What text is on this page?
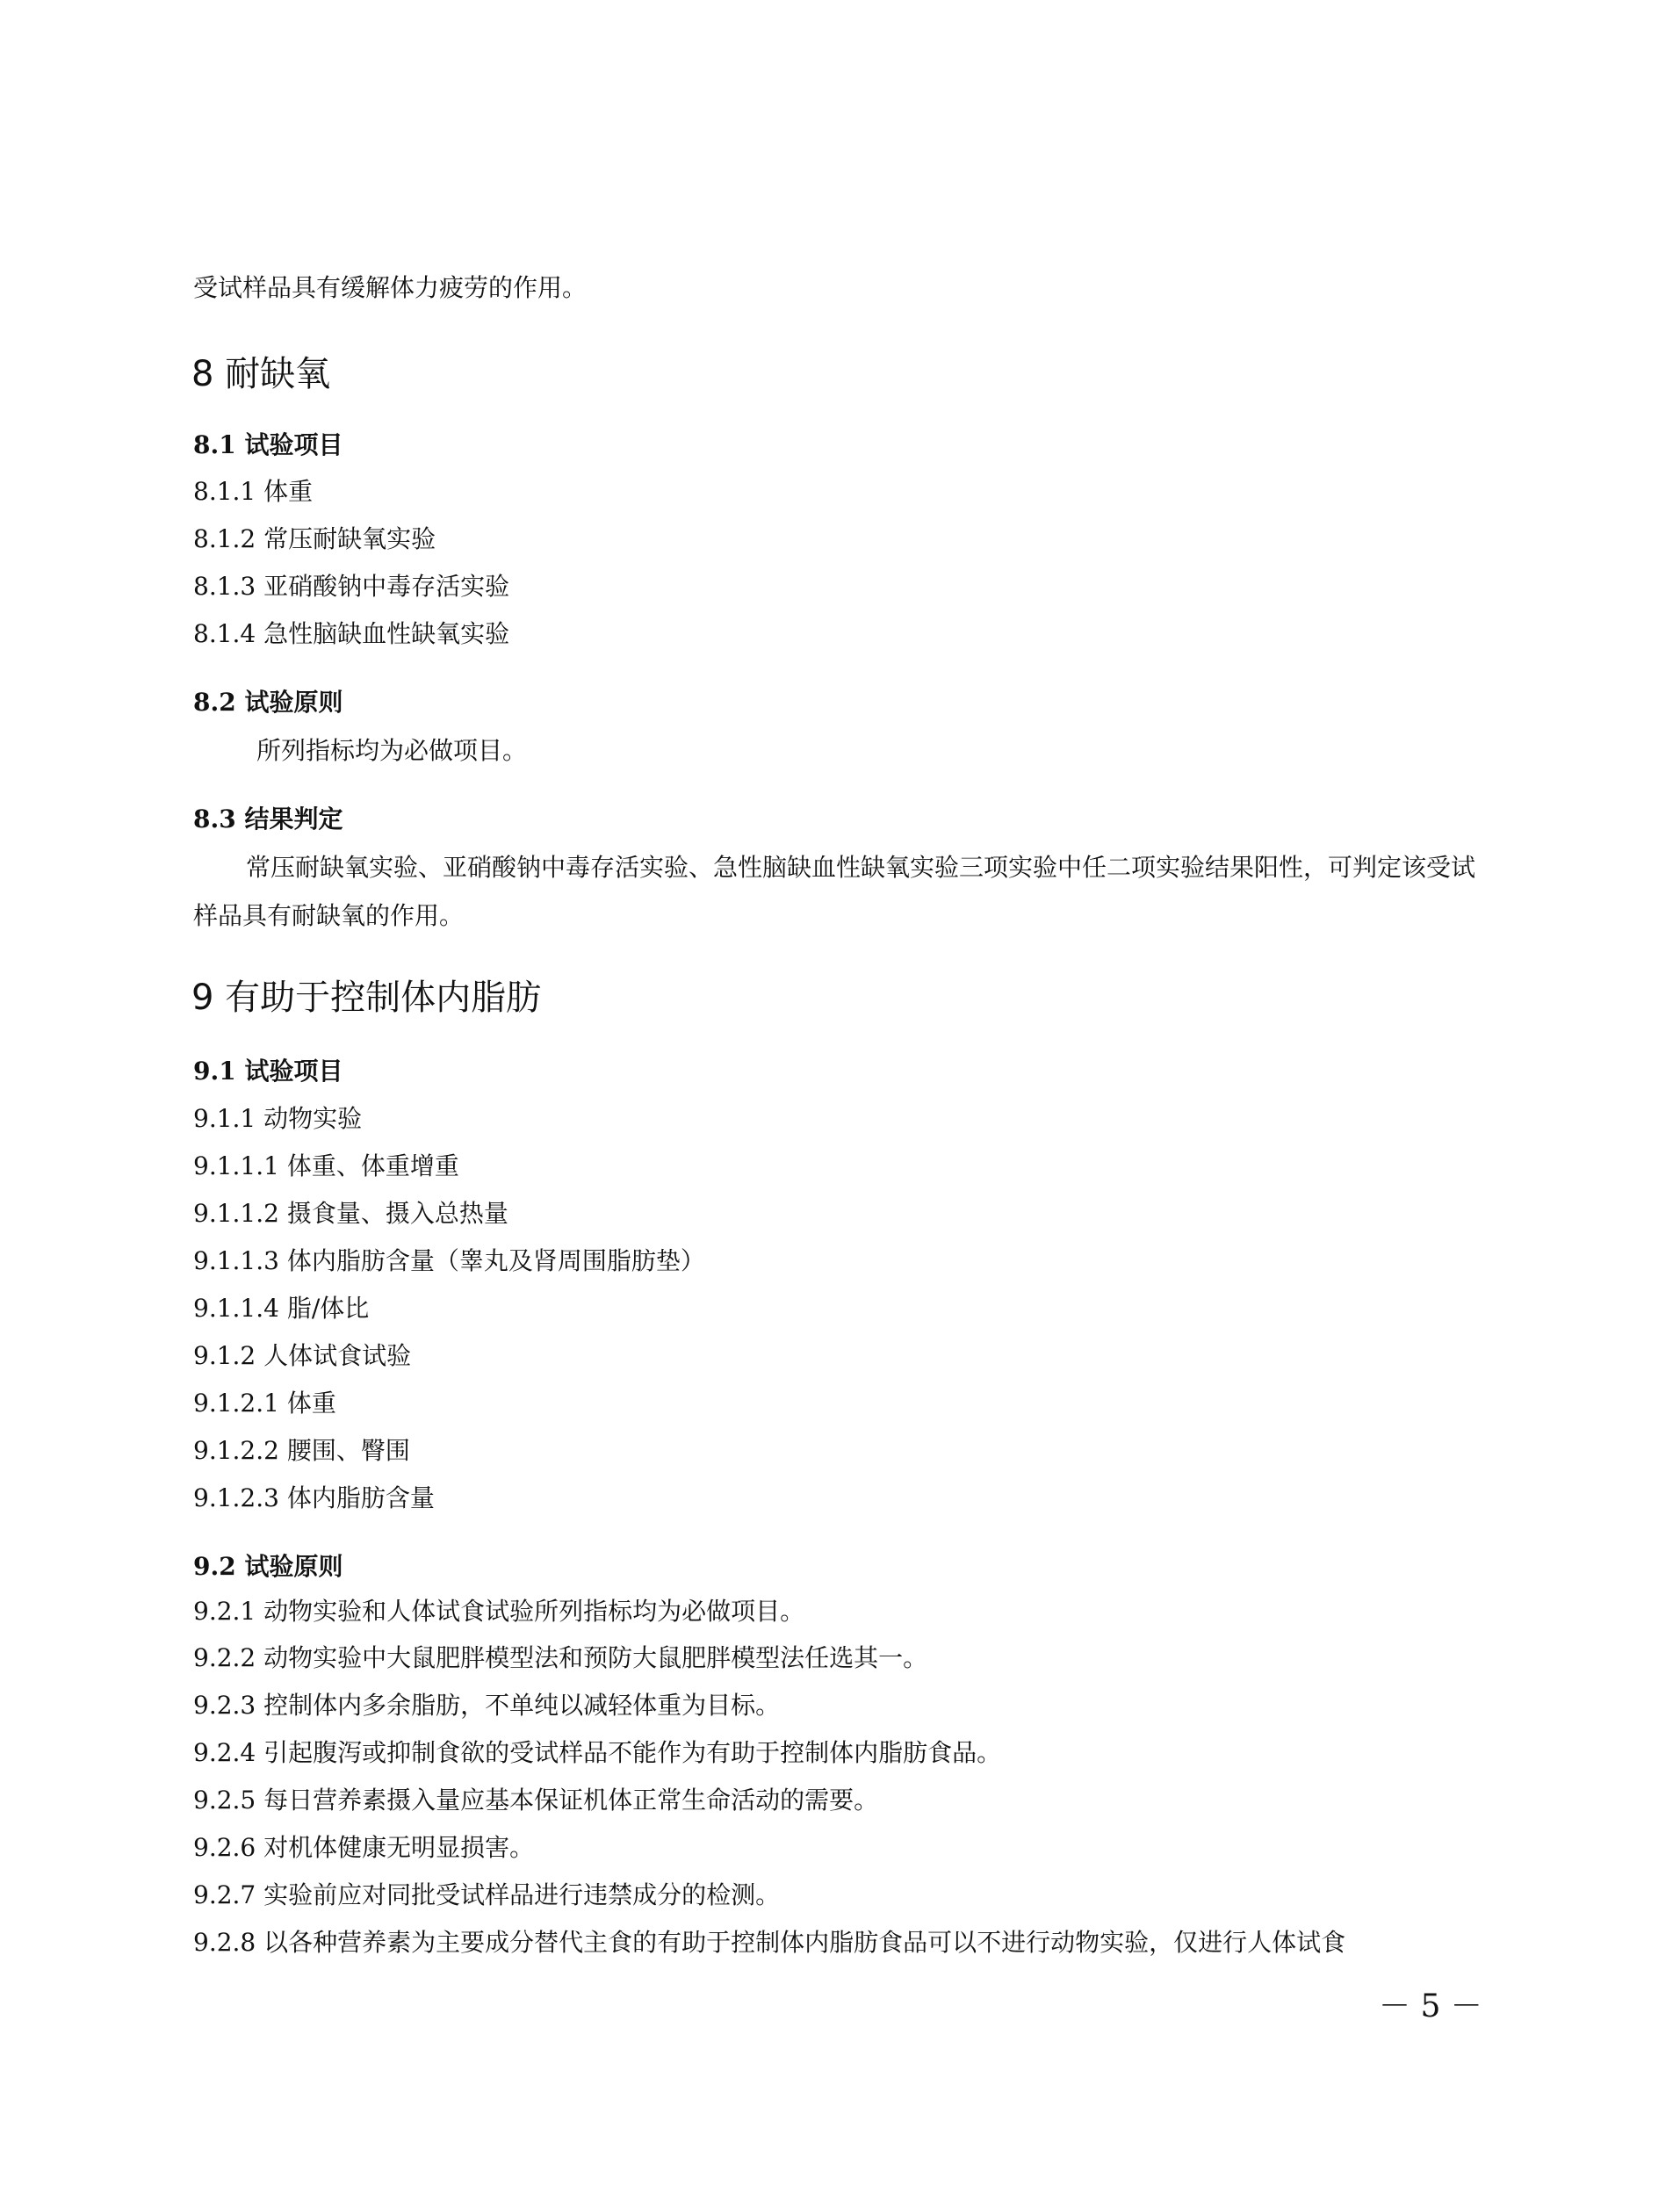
受试样品具有缓解体力疲劳的作用。
8 耐缺氧
8.1 试验项目
8.1.1 体重
8.1.2 常压耐缺氧实验
8.1.3 亚硝酸钠中毒存活实验
8.1.4 急性脑缺血性缺氧实验
8.2 试验原则
所列指标均为必做项目。
8.3 结果判定
常压耐缺氧实验、亚硝酸钠中毒存活实验、急性脑缺血性缺氧实验三项实验中任二项实验结果阳性，可判定该受试样品具有耐缺氧的作用。
9 有助于控制体内脂肪
9.1 试验项目
9.1.1 动物实验
9.1.1.1 体重、体重增重
9.1.1.2 摄食量、摄入总热量
9.1.1.3 体内脂肪含量（睾丸及肾周围脂肪垫）
9.1.1.4 脂/体比
9.1.2 人体试食试验
9.1.2.1 体重
9.1.2.2 腰围、臀围
9.1.2.3 体内脂肪含量
9.2 试验原则
9.2.1 动物实验和人体试食试验所列指标均为必做项目。
9.2.2 动物实验中大鼠肥胖模型法和预防大鼠肥胖模型法任选其一。
9.2.3 控制体内多余脂肪，不单纯以减轻体重为目标。
9.2.4 引起腹泻或抑制食欲的受试样品不能作为有助于控制体内脂肪食品。
9.2.5 每日营养素摄入量应基本保证机体正常生命活动的需要。
9.2.6 对机体健康无明显损害。
9.2.7 实验前应对同批受试样品进行违禁成分的检测。
9.2.8 以各种营养素为主要成分替代主食的有助于控制体内脂肪食品可以不进行动物实验，仅进行人体试食
－ 5 －
